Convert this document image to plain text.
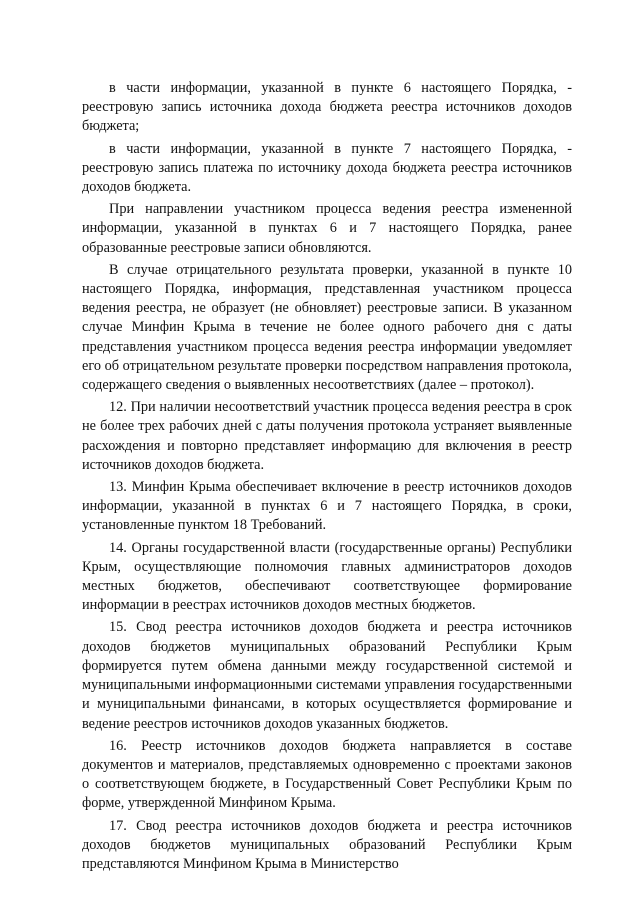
в части информации, указанной в пункте 6 настоящего Порядка, - реестровую запись источника дохода бюджета реестра источников доходов бюджета;

в части информации, указанной в пункте 7 настоящего Порядка, - реестровую запись платежа по источнику дохода бюджета реестра источников доходов бюджета.

При направлении участником процесса ведения реестра измененной информации, указанной в пунктах 6 и 7 настоящего Порядка, ранее образованные реестровые записи обновляются.

В случае отрицательного результата проверки, указанной в пункте 10 настоящего Порядка, информация, представленная участником процесса ведения реестра, не образует (не обновляет) реестровые записи. В указанном случае Минфин Крыма в течение не более одного рабочего дня с даты представления участником процесса ведения реестра информации уведомляет его об отрицательном результате проверки посредством направления протокола, содержащего сведения о выявленных несоответствиях (далее – протокол).

12. При наличии несоответствий участник процесса ведения реестра в срок не более трех рабочих дней с даты получения протокола устраняет выявленные расхождения и повторно представляет информацию для включения в реестр источников доходов бюджета.

13. Минфин Крыма обеспечивает включение в реестр источников доходов информации, указанной в пунктах 6 и 7 настоящего Порядка, в сроки, установленные пунктом 18 Требований.

14. Органы государственной власти (государственные органы) Республики Крым, осуществляющие полномочия главных администраторов доходов местных бюджетов, обеспечивают соответствующее формирование информации в реестрах источников доходов местных бюджетов.

15. Свод реестра источников доходов бюджета и реестра источников доходов бюджетов муниципальных образований Республики Крым формируется путем обмена данными между государственной системой и муниципальными информационными системами управления государственными и муниципальными финансами, в которых осуществляется формирование и ведение реестров источников доходов указанных бюджетов.

16. Реестр источников доходов бюджета направляется в составе документов и материалов, представляемых одновременно с проектами законов о соответствующем бюджете, в Государственный Совет Республики Крым по форме, утвержденной Минфином Крыма.

17. Свод реестра источников доходов бюджета и реестра источников доходов бюджетов муниципальных образований Республики Крым представляются Минфином Крыма в Министерство
